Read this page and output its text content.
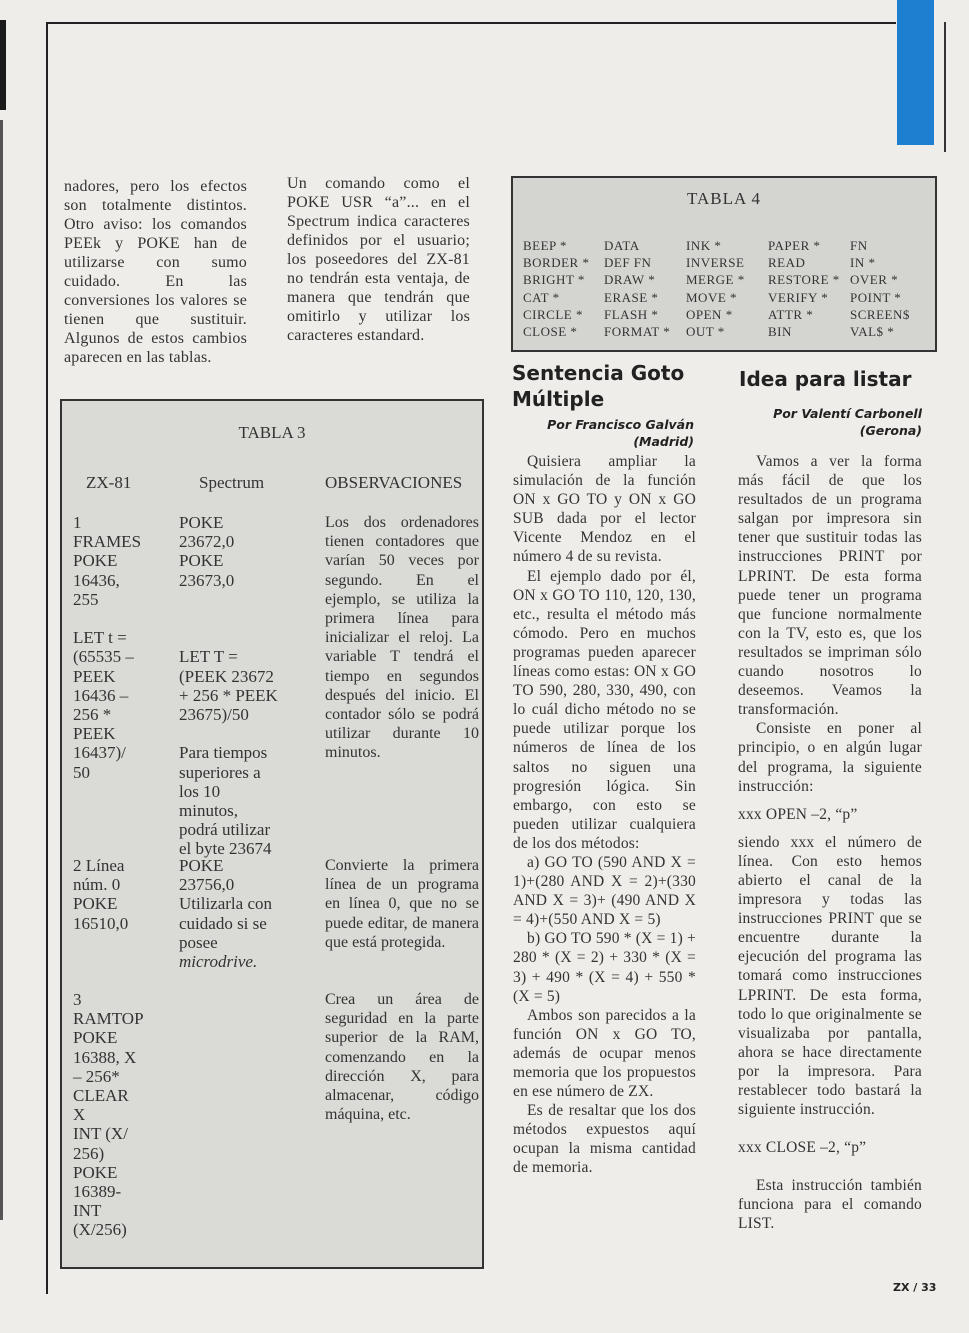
nadores, pero los efectos son totalmente distintos. Otro aviso: los comandos PEEk y POKE han de utilizarse con sumo cuidado. En las conversiones los valores se tienen que sustituir. Algunos de estos cambios aparecen en las tablas.

Un comando como el POKE USR “a”... en el Spectrum indica caracteres definidos por el usuario; los poseedores del ZX-81 no tendrán esta ventaja, de manera que tendrán que omitirlo y utilizar los caracteres estandard.

TABLA 3
ZX-81	Spectrum	OBSERVACIONES
1
FRAMES
POKE
16436,
255

LET t =
(65535 –
PEEK
16436 –
256 *
PEEK
16437)/
50
POKE
23672,0
POKE
23673,0

LET T =
(PEEK 23672
+ 256 * PEEK
23675)/50

Para tiempos
superiores a
los 10
minutos,
podrá utilizar
el byte 23674
Los dos ordenadores tienen contadores que varían 50 veces por segundo. En el ejemplo, se utiliza la primera línea para inicializar el reloj. La variable T tendrá el tiempo en segundos después del inicio. El contador sólo se podrá utilizar durante 10 minutos.
2 Línea
núm. 0
POKE
16510,0
POKE
23756,0
Utilizarla con
cuidado si se
posee
microdrive.
Convierte la primera línea de un programa en línea 0, que no se puede editar, de manera que está protegida.
3
RAMTOP
POKE
16388, X
– 256*
CLEAR
X
INT (X/
256)
POKE
16389-
INT
(X/256)
Crea un área de seguridad en la parte superior de la RAM, comenzando en la dirección X, para almacenar, código máquina, etc.
TABLA 4
BEEP *
BORDER *
BRIGHT *
CAT *
CIRCLE *
CLOSE *
DATA
DEF FN
DRAW *
ERASE *
FLASH *
FORMAT *
INK *
INVERSE
MERGE *
MOVE *
OPEN *
OUT *
PAPER *
READ
RESTORE *
VERIFY *
ATTR *
BIN
FN
IN *
OVER *
POINT *
SCREEN$
VAL$ *
Sentencia Goto Múltiple
Por Francisco Galván
(Madrid)

Quisiera ampliar la simulación de la función ON x GO TO y ON x GO SUB dada por el lector Vicente Mendoz en el número 4 de su revista.

El ejemplo dado por él, ON x GO TO 110, 120, 130, etc., resulta el método más cómodo. Pero en muchos programas pueden aparecer líneas como estas: ON x GO TO 590, 280, 330, 490, con lo cuál dicho método no se puede utilizar porque los números de línea de los saltos no siguen una progresión lógica. Sin embargo, con esto se pueden utilizar cualquiera de los dos métodos:

a) GO TO (590 AND X = 1)+(280 AND X = 2)+(330 AND X = 3)+ (490 AND X = 4)+(550 AND X = 5)

b) GO TO 590 * (X = 1) + 280 * (X = 2) + 330 * (X = 3) + 490 * (X = 4) + 550 * (X = 5)

Ambos son parecidos a la función ON x GO TO, además de ocupar menos memoria que los propuestos en ese número de ZX.

Es de resaltar que los dos métodos expuestos aquí ocupan la misma cantidad de memoria.

Idea para listar
Por Valentí Carbonell
(Gerona)

Vamos a ver la forma más fácil de que los resultados de un programa salgan por impresora sin tener que sustituir todas las instrucciones PRINT por LPRINT. De esta forma puede tener un programa que funcione normalmente con la TV, esto es, que los resultados se impriman sólo cuando nosotros lo deseemos. Veamos la transformación.

Consiste en poner al principio, o en algún lugar del programa, la siguiente instrucción:

xxx OPEN –2, “p”

siendo xxx el número de línea. Con esto hemos abierto el canal de la impresora y todas las instrucciones PRINT que se encuentre durante la ejecución del programa las tomará como instrucciones LPRINT. De esta forma, todo lo que originalmente se visualizaba por pantalla, ahora se hace directamente por la impresora. Para restablecer todo bastará la siguiente instrucción.

xxx CLOSE –2, “p”

Esta instrucción también funciona para el comando LIST.

ZX / 33
